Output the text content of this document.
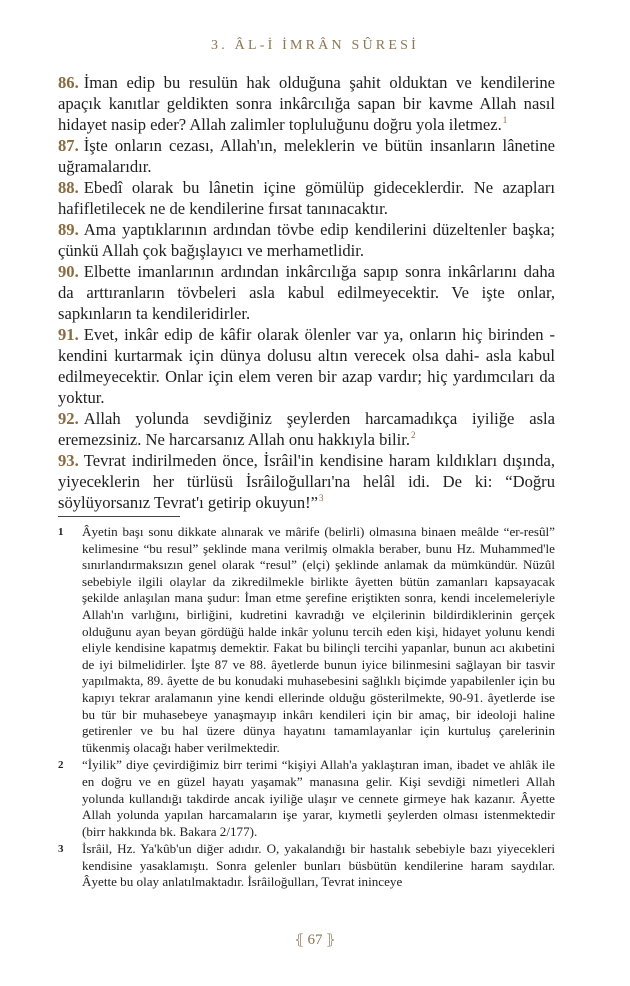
3. ÂL-İ İMRÂN SÛRESİ

86. İman edip bu resulün hak olduğuna şahit olduktan ve kendilerine apaçık kanıtlar geldikten sonra inkârcılığa sapan bir kavme Allah nasıl hidayet nasip eder? Allah zalimler topluluğunu doğru yola iletmez.$^1$

87. İşte onların cezası, Allah'ın, meleklerin ve bütün insanların lânetine uğramalarıdır.

88. Ebedî olarak bu lânetin içine gömülüp gideceklerdir. Ne azapları hafifletilecek ne de kendilerine fırsat tanınacaktır.

89. Ama yaptıklarının ardından tövbe edip kendilerini düzeltenler başka; çünkü Allah çok bağışlayıcı ve merhametlidir.

90. Elbette imanlarının ardından inkârcılığa sapıp sonra inkârlarını daha da arttıranların tövbeleri asla kabul edilmeyecektir. Ve işte onlar, sapkınların ta kendileridirler.

91. Evet, inkâr edip de kâfir olarak ölenler var ya, onların hiç birinden -kendini kurtarmak için dünya dolusu altın verecek olsa dahi- asla kabul edilmeyecektir. Onlar için elem veren bir azap vardır; hiç yardımcıları da yoktur.

92. Allah yolunda sevdiğiniz şeylerden harcamadıkça iyiliğe asla eremezsiniz. Ne harcarsanız Allah onu hakkıyla bilir.$^2$

93. Tevrat indirilmeden önce, İsrâil'in kendisine haram kıldıkları dışında, yiyeceklerin her türlüsü İsrâiloğulları'na helâl idi. De ki: “Doğru söylüyorsanız Tevrat'ı getirip okuyun!”$^3$

1	Âyetin başı sonu dikkate alınarak ve mârife (belirli) olmasına binaen meâlde “er-resûl” kelimesine “bu resul” şeklinde mana verilmiş olmakla beraber, bunu Hz. Muhammed'le sınırlandırmaksızın genel olarak “resul” (elçi) şeklinde anlamak da mümkündür. Nüzûl sebebiyle ilgili olaylar da zikredilmekle birlikte âyetten bütün zamanları kapsayacak şekilde anlaşılan mana şudur: İman etme şerefine eriştikten sonra, kendi incelemeleriyle Allah'ın varlığını, birliğini, kudretini kavradığı ve elçilerinin bildirdiklerinin gerçek olduğunu ayan beyan gördüğü halde inkâr yolunu tercih eden kişi, hidayet yolunu kendi eliyle kendisine kapatmış demektir. Fakat bu bilinçli tercihi yapanlar, bunun acı akıbetini de iyi bilmelidirler. İşte 87 ve 88. âyetlerde bunun iyice bilinmesini sağlayan bir tasvir yapılmakta, 89. âyette de bu konudaki muhasebesini sağlıklı biçimde yapabilenler için bu kapıyı tekrar aralamanın yine kendi ellerinde olduğu gösterilmekte, 90-91. âyetlerde ise bu tür bir muhasebeye yanaşmayıp inkârı kendileri için bir amaç, bir ideoloji haline getirenler ve bu hal üzere dünya hayatını tamamlayanlar için kurtuluş çarelerinin tükenmiş olacağı haber verilmektedir.
2	“İyilik” diye çevirdiğimiz birr terimi “kişiyi Allah'a yaklaştıran iman, ibadet ve ahlâk ile en doğru ve en güzel hayatı yaşamak” manasına gelir. Kişi sevdiği nimetleri Allah yolunda kullandığı takdirde ancak iyiliğe ulaşır ve cennete girmeye hak kazanır. Âyette Allah yolunda yapılan harcamaların işe yarar, kıymetli şeylerden olması istenmektedir (birr hakkında bk. Bakara 2/177).
3	İsrâil, Hz. Ya'kûb'un diğer adıdır. O, yakalandığı bir hastalık sebebiyle bazı yiyecekleri kendisine yasaklamıştı. Sonra gelenler bunları büsbütün kendilerine haram saydılar. Âyette bu olay anlatılmaktadır. İsrâiloğulları, Tevrat ininceye
⦃ 67 ⦄
